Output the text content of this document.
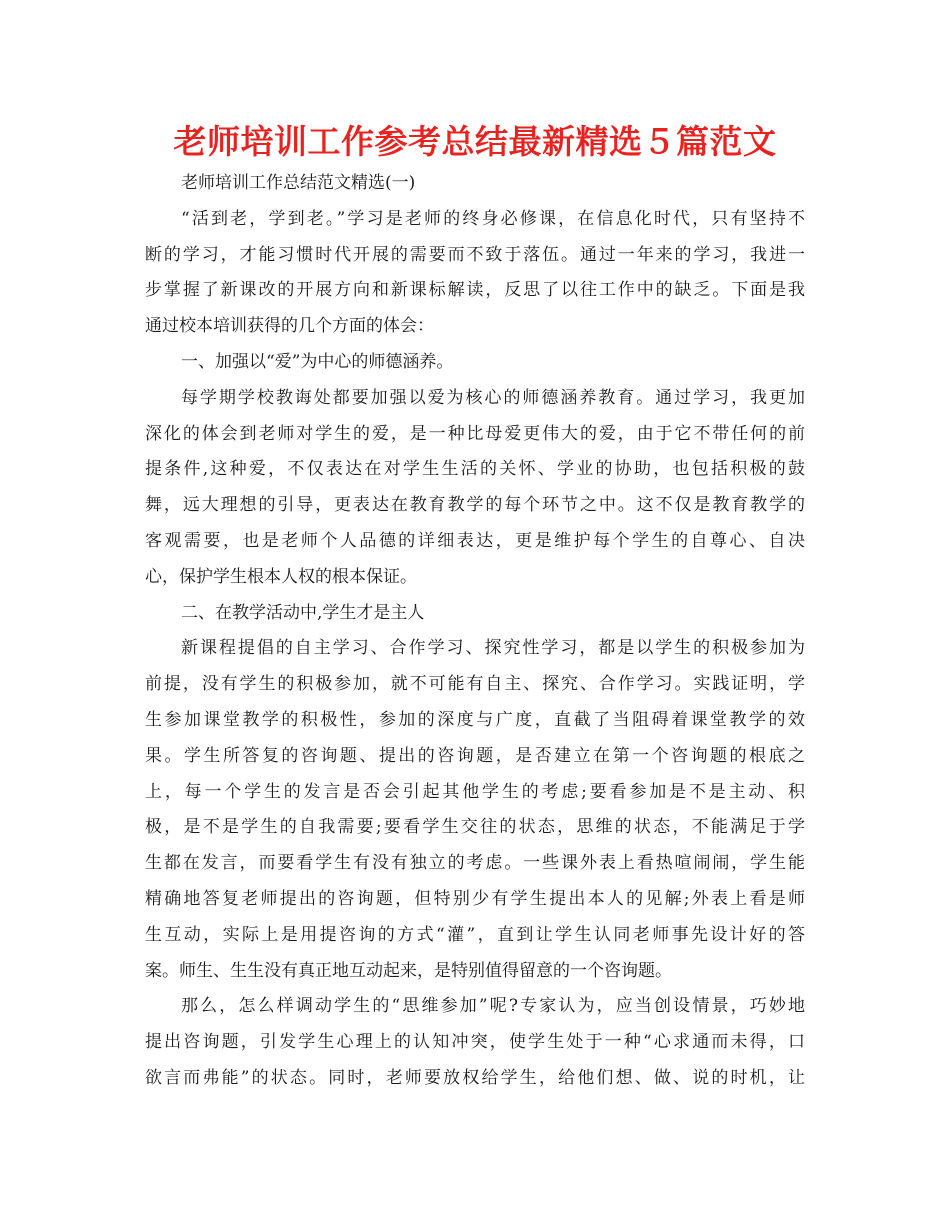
老师培训工作参考总结最新精选５篇范文
老师培训工作总结范文精选(一)
“活到老，学到老。”学习是老师的终身必修课，在信息化时代，只有坚持不
断的学习，才能习惯时代开展的需要而不致于落伍。通过一年来的学习，我进一
步掌握了新课改的开展方向和新课标解读，反思了以往工作中的缺乏。下面是我
通过校本培训获得的几个方面的体会：
一、加强以“爱”为中心的师德涵养。
每学期学校教诲处都要加强以爱为核心的师德涵养教育。通过学习，我更加
深化的体会到老师对学生的爱，是一种比母爱更伟大的爱，由于它不带任何的前
提条件,这种爱，不仅表达在对学生生活的关怀、学业的协助，也包括积极的鼓
舞，远大理想的引导，更表达在教育教学的每个环节之中。这不仅是教育教学的
客观需要，也是老师个人品德的详细表达，更是维护每个学生的自尊心、自决
心，保护学生根本人权的根本保证。
二、在教学活动中,学生才是主人
新课程提倡的自主学习、合作学习、探究性学习，都是以学生的积极参加为
前提，没有学生的积极参加，就不可能有自主、探究、合作学习。实践证明，学
生参加课堂教学的积极性，参加的深度与广度，直截了当阻碍着课堂教学的效
果。学生所答复的咨询题、提出的咨询题，是否建立在第一个咨询题的根底之
上，每一个学生的发言是否会引起其他学生的考虑;要看参加是不是主动、积
极，是不是学生的自我需要;要看学生交往的状态，思维的状态，不能满足于学
生都在发言，而要看学生有没有独立的考虑。一些课外表上看热喧闹闹，学生能
精确地答复老师提出的咨询题，但特别少有学生提出本人的见解;外表上看是师
生互动，实际上是用提咨询的方式“灌”，直到让学生认同老师事先设计好的答
案。师生、生生没有真正地互动起来，是特别值得留意的一个咨询题。
那么，怎么样调动学生的“思维参加”呢?专家认为，应当创设情景，巧妙地
提出咨询题，引发学生心理上的认知冲突，使学生处于一种“心求通而未得，口
欲言而弗能”的状态。同时，老师要放权给学生，给他们想、做、说的时机，让
